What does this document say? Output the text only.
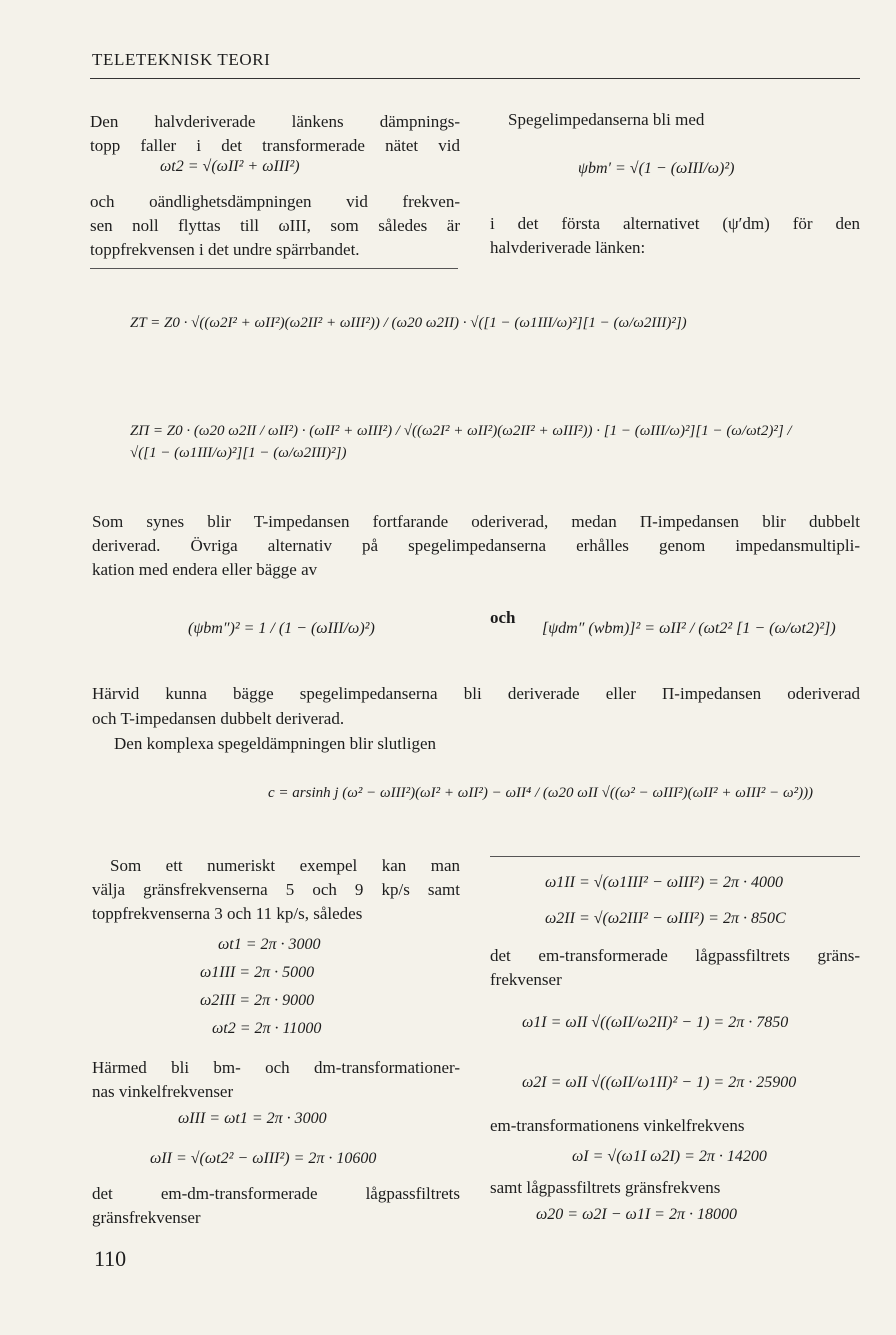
TELETEKNISK TEORI
Den halvderiverade länkens dämpnings-
topp faller i det transformerade nätet vid
ωt2 = √(ωII² + ωIII²)
och oändlighetsdämpningen vid frekven-
sen noll flyttas till ωIII, som således är
toppfrekvensen i det undre spärrbandet.
Spegelimpedanserna bli med
ψbm′ = √(1 − (ωIII/ω)²)
i det första alternativet (ψ′dm) för den
halvderiverade länken:
ZT = Z0 · √((ω2I² + ωII²)(ω2II² + ωIII²)) / (ω20 ω2II) · √([1 − (ω1III/ω)²][1 − (ω/ω2III)²])
ZΠ = Z0 · (ω20 ω2II / ωII²) · (ωII² + ωIII²) / √((ω2I² + ωII²)(ω2II² + ωIII²)) · [1 − (ωIII/ω)²][1 − (ω/ωt2)²] / √([1 − (ω1III/ω)²][1 − (ω/ω2III)²])
Som synes blir T-impedansen fortfarande oderiverad, medan Π-impedansen blir dubbelt
deriverad. Övriga alternativ på spegelimpedanserna erhålles genom impedansmultipli-
kation med endera eller bägge av
(ψbm″)² = 1 / (1 − (ωIII/ω)²)
och
[ψdm″ (wbm)]² = ωII² / (ωt2² [1 − (ω/ωt2)²])
Härvid kunna bägge spegelimpedanserna bli deriverade eller Π-impedansen oderiverad
och T-impedansen dubbelt deriverad.
Den komplexa spegeldämpningen blir slutligen
c = arsinh j (ω² − ωIII²)(ωI² + ωII²) − ωII⁴ / (ω20 ωII √((ω² − ωIII²)(ωII² + ωIII² − ω²)))
Som ett numeriskt exempel kan man
välja gränsfrekvenserna 5 och 9 kp/s samt
toppfrekvenserna 3 och 11 kp/s, således
ωt1 = 2π · 3000
ω1III = 2π · 5000
ω2III = 2π · 9000
ωt2 = 2π · 11000
Härmed bli bm- och dm-transformationer-
nas vinkelfrekvenser
ωIII = ωt1 = 2π · 3000
ωII = √(ωt2² − ωIII²) = 2π · 10600
det em-dm-transformerade lågpassfiltrets
gränsfrekvenser
ω1II = √(ω1III² − ωIII²) = 2π · 4000
ω2II = √(ω2III² − ωIII²) = 2π · 850C
det em-transformerade lågpassfiltrets gräns-
frekvenser
ω1I = ωII √((ωII/ω2II)² − 1) = 2π · 7850
ω2I = ωII √((ωII/ω1II)² − 1) = 2π · 25900
em-transformationens vinkelfrekvens
ωI = √(ω1I ω2I) = 2π · 14200
samt lågpassfiltrets gränsfrekvens
ω20 = ω2I − ω1I = 2π · 18000
110
